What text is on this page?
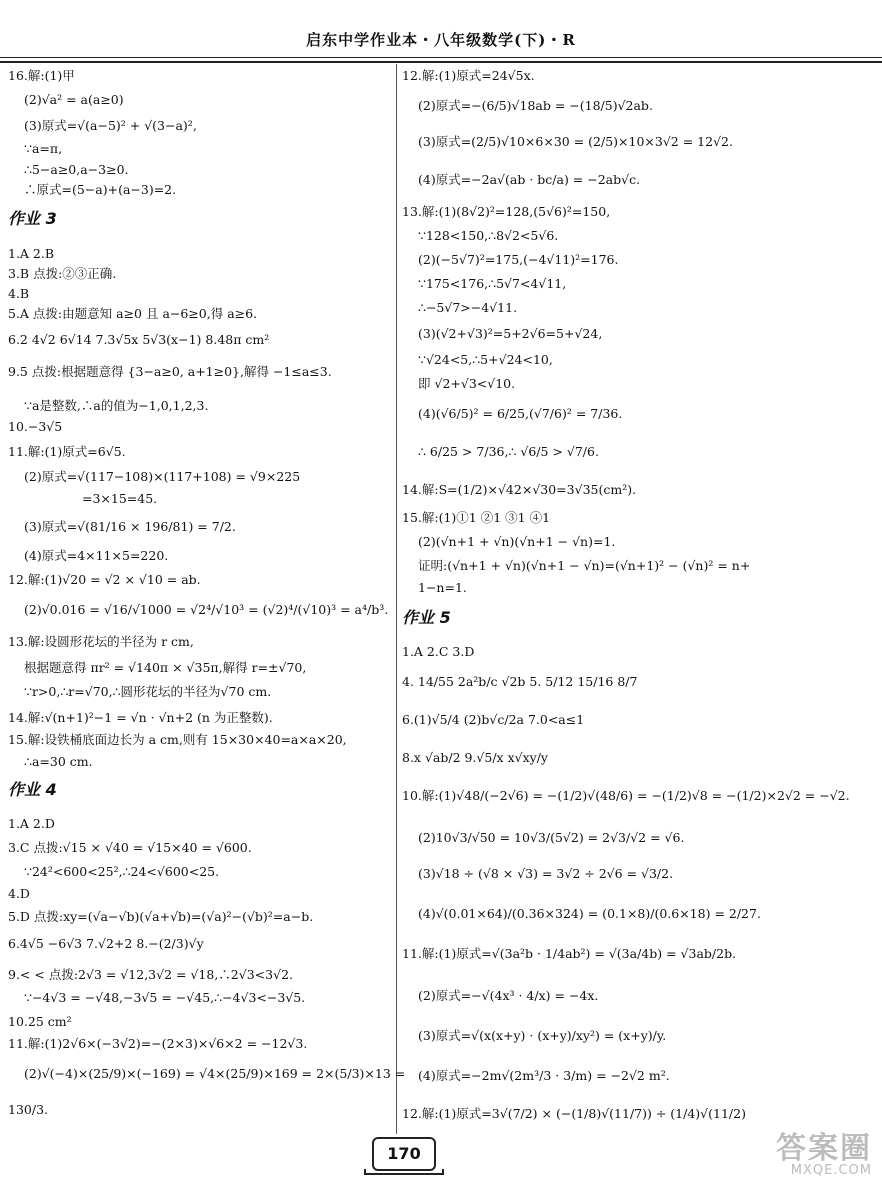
启东中学作业本・八年级数学(下)・R
16.解:(1)甲
(2)√a² = a(a≥0)
(3)原式=√(a−5)² + √(3−a)²,
∵a=π,
∴5−a≥0,a−3≥0.
∴原式=(5−a)+(a−3)=2.
作业 3
1.A 2.B
3.B 点拨:②③正确.
4.B
5.A 点拨:由题意知 a≥0 且 a−6≥0,得 a≥6.
6.2 4√2 6√14 7.3√5x 5√3(x−1) 8.48π cm²
9.5 点拨:根据题意得 {3−a≥0, a+1≥0},解得 −1≤a≤3.
∵a是整数,∴a的值为−1,0,1,2,3.
10.−3√5
11.解:(1)原式=6√5.
(2)原式=√(117−108)×(117+108) = √9×225
=3×15=45.
(3)原式=√(81/16 × 196/81) = 7/2.
(4)原式=4×11×5=220.
12.解:(1)√20 = √2 × √10 = ab.
(2)√0.016 = √16/√1000 = √2⁴/√10³ = (√2)⁴/(√10)³ = a⁴/b³.
13.解:设圆形花坛的半径为 r cm,
根据题意得 πr² = √140π × √35π,解得 r=±√70,
∵r>0,∴r=√70,∴圆形花坛的半径为√70 cm.
14.解:√(n+1)²−1 = √n · √n+2 (n 为正整数).
15.解:设铁桶底面边长为 a cm,则有 15×30×40=a×a×20,
∴a=30 cm.
作业 4
1.A 2.D
3.C 点拨:√15 × √40 = √15×40 = √600.
∵24²<600<25²,∴24<√600<25.
4.D
5.D 点拨:xy=(√a−√b)(√a+√b)=(√a)²−(√b)²=a−b.
6.4√5 −6√3 7.√2+2 8.−(2/3)√y
9.< < 点拨:2√3 = √12,3√2 = √18,∴2√3<3√2.
∵−4√3 = −√48,−3√5 = −√45,∴−4√3<−3√5.
10.25 cm²
11.解:(1)2√6×(−3√2)=−(2×3)×√6×2 = −12√3.
(2)√(−4)×(25/9)×(−169) = √4×(25/9)×169 = 2×(5/3)×13 =
130/3.
12.解:(1)原式=24√5x.
(2)原式=−(6/5)√18ab = −(18/5)√2ab.
(3)原式=(2/5)√10×6×30 = (2/5)×10×3√2 = 12√2.
(4)原式=−2a√(ab · bc/a) = −2ab√c.
13.解:(1)(8√2)²=128,(5√6)²=150,
∵128<150,∴8√2<5√6.
(2)(−5√7)²=175,(−4√11)²=176.
∵175<176,∴5√7<4√11,
∴−5√7>−4√11.
(3)(√2+√3)²=5+2√6=5+√24,
∵√24<5,∴5+√24<10,
即 √2+√3<√10.
(4)(√6/5)² = 6/25,(√7/6)² = 7/36.
∴ 6/25 > 7/36,∴ √6/5 > √7/6.
14.解:S=(1/2)×√42×√30=3√35(cm²).
15.解:(1)①1 ②1 ③1 ④1
(2)(√n+1 + √n)(√n+1 − √n)=1.
证明:(√n+1 + √n)(√n+1 − √n)=(√n+1)² − (√n)² = n+
1−n=1.
作业 5
1.A 2.C 3.D
4. 14/55 2a²b/c √2b 5. 5/12 15/16 8/7
6.(1)√5/4 (2)b√c/2a 7.0<a≤1
8.x √ab/2 9.√5/x x√xy/y
10.解:(1)√48/(−2√6) = −(1/2)√(48/6) = −(1/2)√8 = −(1/2)×2√2 = −√2.
(2)10√3/√50 = 10√3/(5√2) = 2√3/√2 = √6.
(3)√18 ÷ (√8 × √3) = 3√2 ÷ 2√6 = √3/2.
(4)√(0.01×64)/(0.36×324) = (0.1×8)/(0.6×18) = 2/27.
11.解:(1)原式=√(3a²b · 1/4ab²) = √(3a/4b) = √3ab/2b.
(2)原式=−√(4x³ · 4/x) = −4x.
(3)原式=√(x(x+y) · (x+y)/xy²) = (x+y)/y.
(4)原式=−2m√(2m³/3 · 3/m) = −2√2 m².
12.解:(1)原式=3√(7/2) × (−(1/8)√(11/7)) ÷ (1/4)√(11/2)
170	答案圈
MXQE.COM
